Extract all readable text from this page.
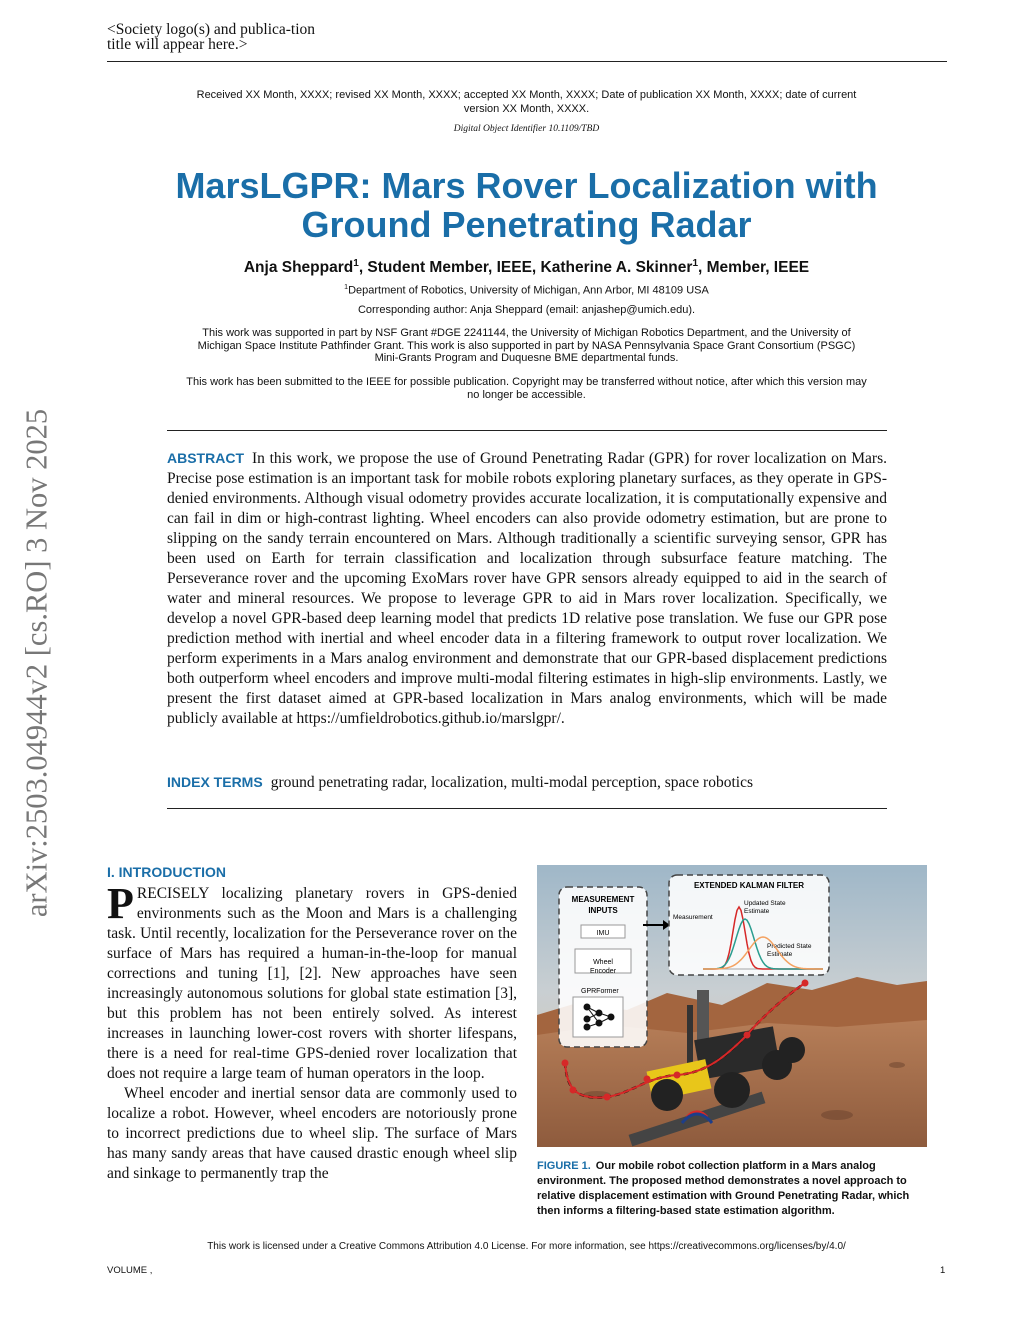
<Society logo(s) and publica-tion title will appear here.>
Received XX Month, XXXX; revised XX Month, XXXX; accepted XX Month, XXXX; Date of publication XX Month, XXXX; date of current version XX Month, XXXX.
Digital Object Identifier 10.1109/TBD
MarsLGPR: Mars Rover Localization with Ground Penetrating Radar
Anja Sheppard$^1$, Student Member, IEEE, Katherine A. Skinner$^1$, Member, IEEE
$^1$Department of Robotics, University of Michigan, Ann Arbor, MI 48109 USA
Corresponding author: Anja Sheppard (email: anjashep@umich.edu).
This work was supported in part by NSF Grant #DGE 2241144, the University of Michigan Robotics Department, and the University of Michigan Space Institute Pathfinder Grant. This work is also supported in part by NASA Pennsylvania Space Grant Consortium (PSGC) Mini-Grants Program and Duquesne BME departmental funds.
This work has been submitted to the IEEE for possible publication. Copyright may be transferred without notice, after which this version may no longer be accessible.
arXiv:2503.04944v2 [cs.RO] 3 Nov 2025	ABSTRACT In this work, we propose the use of Ground Penetrating Radar (GPR) for rover localization on Mars. Precise pose estimation is an important task for mobile robots exploring planetary surfaces, as they operate in GPS-denied environments. Although visual odometry provides accurate localization, it is computationally expensive and can fail in dim or high-contrast lighting. Wheel encoders can also provide odometry estimation, but are prone to slipping on the sandy terrain encountered on Mars. Although traditionally a scientific surveying sensor, GPR has been used on Earth for terrain classification and localization through subsurface feature matching. The Perseverance rover and the upcoming ExoMars rover have GPR sensors already equipped to aid in the search of water and mineral resources. We propose to leverage GPR to aid in Mars rover localization. Specifically, we develop a novel GPR-based deep learning model that predicts 1D relative pose translation. We fuse our GPR pose prediction method with inertial and wheel encoder data in a filtering framework to output rover localization. We perform experiments in a Mars analog environment and demonstrate that our GPR-based displacement predictions both outperform wheel encoders and improve multi-modal filtering estimates in high-slip environments. Lastly, we present the first dataset aimed at GPR-based localization in Mars analog environments, which will be made publicly available at https://umfieldrobotics.github.io/marslgpr/.
INDEX TERMS ground penetrating radar, localization, multi-modal perception, space robotics
I. INTRODUCTION

PRECISELY localizing planetary rovers in GPS-denied environments such as the Moon and Mars is a challenging task. Until recently, localization for the Perseverance rover on the surface of Mars has required a human-in-the-loop for manual corrections and tuning [1], [2]. New approaches have seen increasingly autonomous solutions for global state estimation [3], but this problem has not been entirely solved. As interest increases in launching lower-cost rovers with shorter lifespans, there is a need for real-time GPS-denied rover localization that does not require a large team of human operators in the loop.

Wheel encoder and inertial sensor data are commonly used to localize a robot. However, wheel encoders are notoriously prone to incorrect predictions due to wheel slip. The surface of Mars has many sandy areas that have caused drastic enough wheel slip and sinkage to permanently trap the

MEASUREMENT INPUTS
IMU
Wheel Encoder
GPRFormer
EXTENDED KALMAN FILTER
Measurement
Updated State Estimate
Predicted State Estimate
FIGURE 1. Our mobile robot collection platform in a Mars analog environment. The proposed method demonstrates a novel approach to relative displacement estimation with Ground Penetrating Radar, which then informs a filtering-based state estimation algorithm.
This work is licensed under a Creative Commons Attribution 4.0 License. For more information, see https://creativecommons.org/licenses/by/4.0/
VOLUME ,	1
